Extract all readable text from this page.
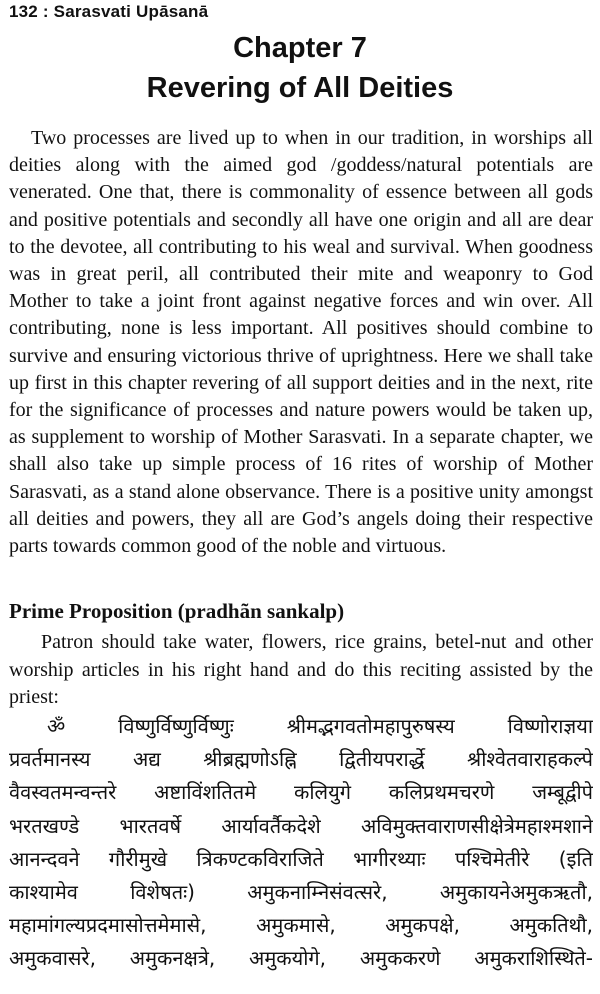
132 : Sarasvati Upāsanā
Chapter 7
Revering of All Deities

Two processes are lived up to when in our tradition, in worships all deities along with the aimed god /goddess/natural potentials are venerated. One that, there is commonality of essence between all gods and positive potentials and secondly all have one origin and all are dear to the devotee, all contributing to his weal and survival. When goodness was in great peril, all contributed their mite and weaponry to God Mother to take a joint front against negative forces and win over. All contributing, none is less important. All positives should combine to survive and ensuring victorious thrive of uprightness. Here we shall take up first in this chapter revering of all support deities and in the next, rite for the significance of processes and nature powers would be taken up, as supplement to worship of Mother Sarasvati. In a separate chapter, we shall also take up simple process of 16 rites of worship of Mother Sarasvati, as a stand alone observance. There is a positive unity amongst all deities and powers, they all are God’s angels doing their respective parts towards common good of the noble and virtuous.

Prime Proposition (pradhãn sankalp)

Patron should take water, flowers, rice grains, betel-nut and other worship articles in his right hand and do this reciting assisted by the priest:

ॐ विष्णुर्विष्णुर्विष्णुः श्रीमद्भगवतोमहापुरुषस्य विष्णोराज्ञया
प्रवर्तमानस्य अद्य श्रीब्रह्मणोऽह्नि द्वितीयपरार्द्धे श्रीश्वेतवाराहकल्पे
वैवस्वतमन्वन्तरे अष्टाविंशतितमे कलियुगे कलिप्रथमचरणे जम्बूद्वीपे
भरतखण्डे भारतवर्षे आर्यावर्तैकदेशे अविमुक्तवाराणसीक्षेत्रेमहाश्मशाने
आनन्दवने गौरीमुखे त्रिकण्टकविराजिते भागीरथ्याः पश्चिमेतीरे (इति
काश्यामेव विशेषतः) अमुकनाम्निसंवत्सरे, अमुकायनेअमुकऋतौ,
महामांगल्यप्रदमासोत्तमेमासे, अमुकमासे, अमुकपक्षे, अमुकतिथौ,
अमुकवासरे, अमुकनक्षत्रे, अमुकयोगे, अमुककरणे अमुकराशिस्थिते-
